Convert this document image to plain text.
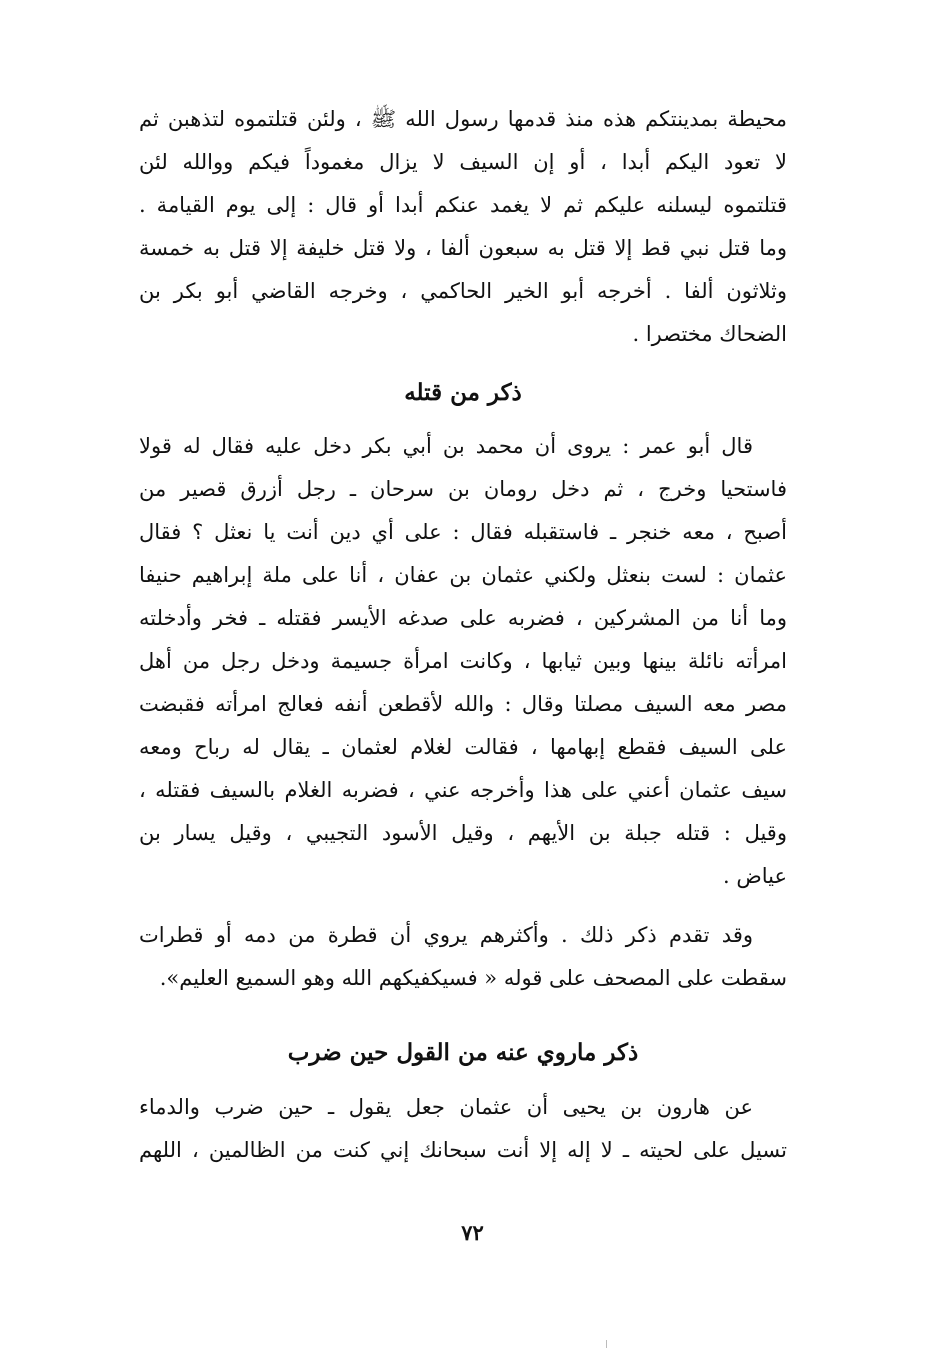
محيطة بمدينتكم هذه منذ قدمها رسول الله ﷺ ، ولئن قتلتموه لتذهبن ثم
لا تعود اليكم أبدا ، أو إن السيف لا يزال مغموداً فيكم ووالله لئن
قتلتموه ليسلنه عليكم ثم لا يغمد عنكم أبدا أو قال : إلى يوم القيامة .
وما قتل نبي قط إلا قتل به سبعون ألفا ، ولا قتل خليفة إلا قتل به خمسة
وثلاثون ألفا . أخرجه أبو الخير الحاكمي ، وخرجه القاضي أبو بكر بن
الضحاك مختصرا .
ذكر من قتله
قال أبو عمر : يروى أن محمد بن أبي بكر دخل عليه فقال له قولا
فاستحيا وخرج ، ثم دخل رومان بن سرحان ـ رجل أزرق قصير من
أصبح ، معه خنجر ـ فاستقبله فقال : على أي دين أنت يا نعثل ؟ فقال
عثمان : لست بنعثل ولكني عثمان بن عفان ، أنا على ملة إبراهيم حنيفا
وما أنا من المشركين ، فضربه على صدغه الأيسر فقتله ـ فخر وأدخلته
امرأته نائلة بينها وبين ثيابها ، وكانت امرأة جسيمة ودخل رجل من أهل
مصر معه السيف مصلتا وقال : والله لأقطعن أنفه فعالج امرأته فقبضت
على السيف فقطع إبهامها ، فقالت لغلام لعثمان ـ يقال له رباح ومعه
سيف عثمان أعني على هذا وأخرجه عني ، فضربه الغلام بالسيف فقتله ،
وقيل : قتله جبلة بن الأيهم ، وقيل الأسود التجيبي ، وقيل يسار بن
عياض .
وقد تقدم ذكر ذلك . وأكثرهم يروي أن قطرة من دمه أو قطرات
سقطت على المصحف على قوله « فسيكفيكهم الله وهو السميع العليم».
ذكر ماروي عنه من القول حين ضرب
عن هارون بن يحيى أن عثمان جعل يقول ـ حين ضرب والدماء
تسيل على لحيته ـ لا إله إلا أنت سبحانك إني كنت من الظالمين ، اللهم
٧٢
